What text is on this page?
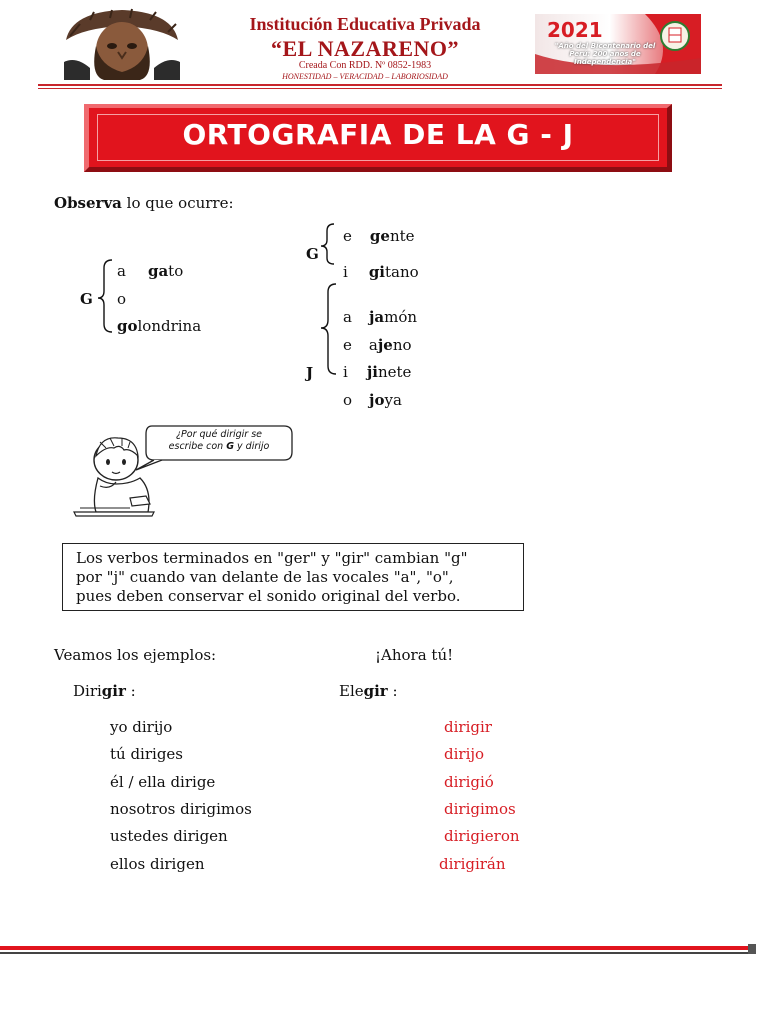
Institución Educativa Privada
“EL NAZARENO”
Creada Con RDD. Nº 0852-1983
HONESTIDAD – VERACIDAD – LABORIOSIDAD
2021
"Año del Bicentenario del Perú: 200 años de Independencia"
ORTOGRAFIA DE LA G - J
Observa lo que ocurre:
G
a gato
o
golondrina
G
e gente
i gitano
J
a jamón
e ajeno
i jinete
o joya
¿Por qué dirigir se
escribe con G y dirijo
Los verbos terminados en "ger" y "gir" cambian "g"
por "j" cuando van delante de las vocales "a", "o",
pues deben conservar el sonido original del verbo.
Veamos los ejemplos:	¡Ahora tú!
Dirigir :	Elegir :
yo dirijo
tú diriges
él / ella dirige
nosotros dirigimos
ustedes dirigen
ellos dirigen
dirigir
dirijo
dirigió
dirigimos
dirigieron
dirigirán
